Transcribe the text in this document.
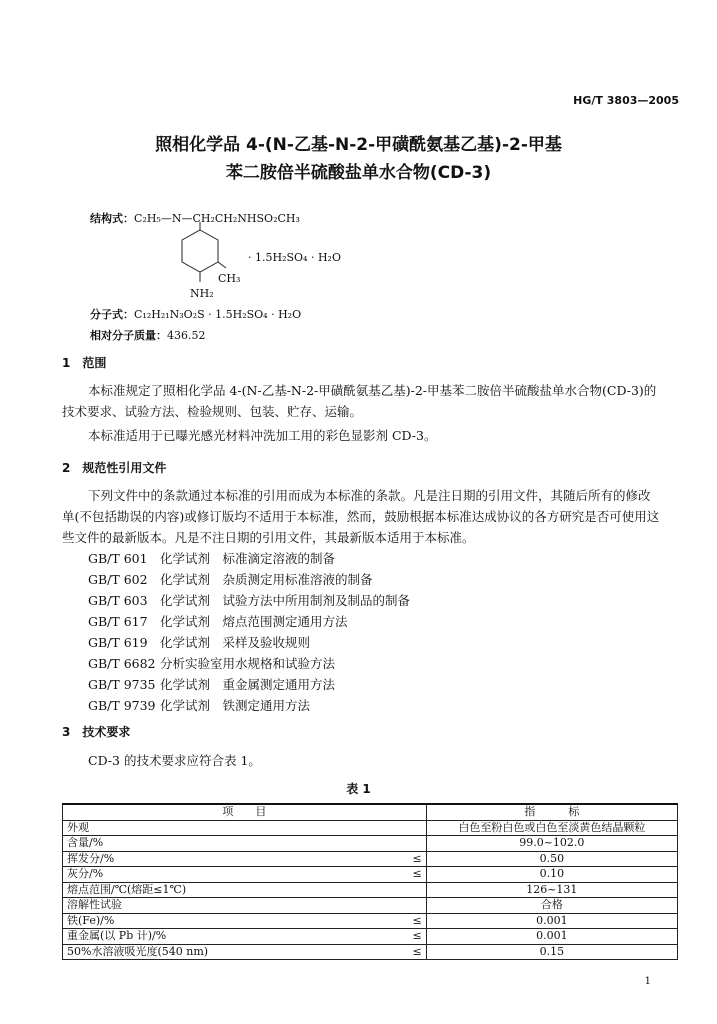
HG/T 3803—2005
照相化学品 4-(N-乙基-N-2-甲磺酰氨基乙基)-2-甲基
苯二胺倍半硫酸盐单水合物(CD-3)
结构式：C₂H₅—N—CH₂CH₂NHSO₂CH₃
· 1.5H₂SO₄ · H₂O
CH₃
NH₂
分子式：C₁₂H₂₁N₃O₂S · 1.5H₂SO₄ · H₂O
相对分子质量：436.52
1　 范围
本标准规定了照相化学品 4-(N-乙基-N-2-甲磺酰氨基乙基)-2-甲基苯二胺倍半硫酸盐单水合物(CD-3)的技术要求、试验方法、检验规则、包装、贮存、运输。
本标准适用于已曝光感光材料冲洗加工用的彩色显影剂 CD-3。
2　 规范性引用文件
下列文件中的条款通过本标准的引用而成为本标准的条款。凡是注日期的引用文件，其随后所有的修改单(不包括勘误的内容)或修订版均不适用于本标准，然而，鼓励根据本标准达成协议的各方研究是否可使用这些文件的最新版本。凡是不注日期的引用文件，其最新版本适用于本标准。
GB/T 601 化学试剂　标准滴定溶液的制备
GB/T 602 化学试剂　杂质测定用标准溶液的制备
GB/T 603 化学试剂　试验方法中所用制剂及制品的制备
GB/T 617 化学试剂　熔点范围测定通用方法
GB/T 619 化学试剂　采样及验收规则
GB/T 6682 分析实验室用水规格和试验方法
GB/T 9735 化学试剂　重金属测定通用方法
GB/T 9739 化学试剂　铁测定通用方法
3　 技术要求
CD-3 的技术要求应符合表 1。
表 1
项　　目		指　　　标
外观		白色至粉白色或白色至淡黄色结晶颗粒
含量/%		99.0~102.0
挥发分/%	≤	0.50
灰分/%	≤	0.10
熔点范围/℃(熔距≤1℃)		126~131
溶解性试验		合格
铁(Fe)/%	≤	0.001
重金属(以 Pb 计)/%	≤	0.001
50%水溶液吸光度(540 nm)	≤	0.15
1
